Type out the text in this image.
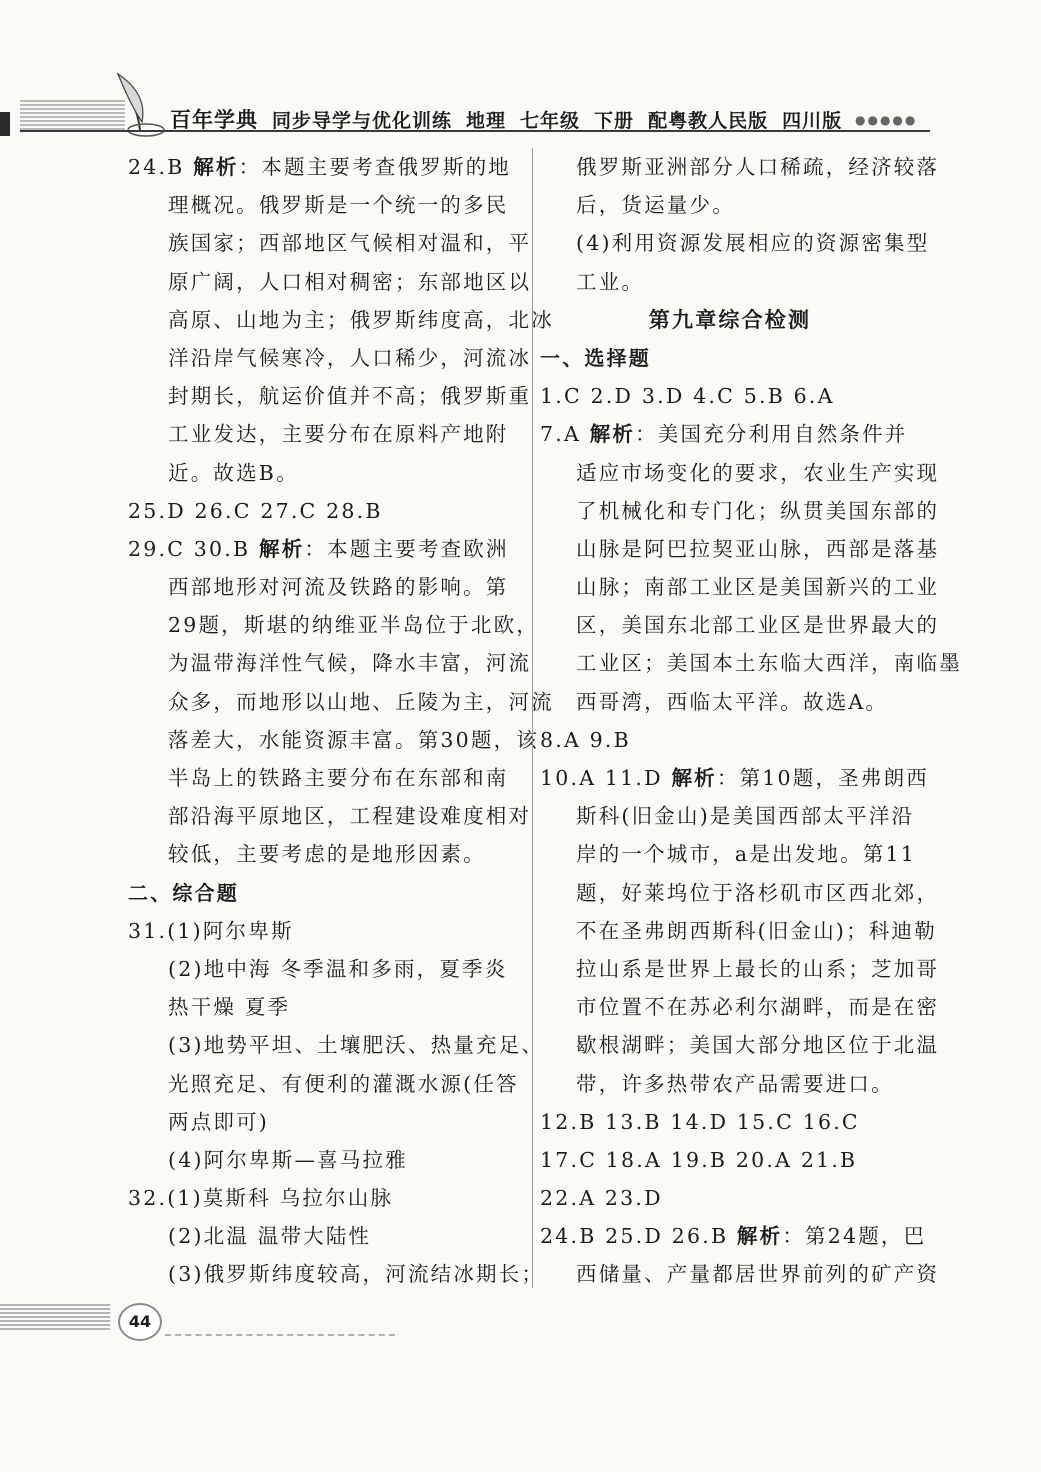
百年学典 同步导学与优化训练 地理 七年级 下册 配粤教人民版 四川版	●●●●●
24.B 解析：本题主要考查俄罗斯的地
理概况。俄罗斯是一个统一的多民
族国家；西部地区气候相对温和，平
原广阔，人口相对稠密；东部地区以
高原、山地为主；俄罗斯纬度高，北冰
洋沿岸气候寒冷，人口稀少，河流冰
封期长，航运价值并不高；俄罗斯重
工业发达，主要分布在原料产地附
近。故选B。
25.D 26.C 27.C 28.B
29.C 30.B 解析：本题主要考查欧洲
西部地形对河流及铁路的影响。第
29题，斯堪的纳维亚半岛位于北欧，
为温带海洋性气候，降水丰富，河流
众多，而地形以山地、丘陵为主，河流
落差大，水能资源丰富。第30题，该
半岛上的铁路主要分布在东部和南
部沿海平原地区，工程建设难度相对
较低，主要考虑的是地形因素。
二、综合题
31.(1)阿尔卑斯
(2)地中海 冬季温和多雨，夏季炎
热干燥 夏季
(3)地势平坦、土壤肥沃、热量充足、
光照充足、有便利的灌溉水源(任答
两点即可)
(4)阿尔卑斯—喜马拉雅
32.(1)莫斯科 乌拉尔山脉
(2)北温 温带大陆性
(3)俄罗斯纬度较高，河流结冰期长；
俄罗斯亚洲部分人口稀疏，经济较落
后，货运量少。
(4)利用资源发展相应的资源密集型
工业。
第九章综合检测
一、选择题
1.C 2.D 3.D 4.C 5.B 6.A
7.A 解析：美国充分利用自然条件并
适应市场变化的要求，农业生产实现
了机械化和专门化；纵贯美国东部的
山脉是阿巴拉契亚山脉，西部是落基
山脉；南部工业区是美国新兴的工业
区，美国东北部工业区是世界最大的
工业区；美国本土东临大西洋，南临墨
西哥湾，西临太平洋。故选A。
8.A 9.B
10.A 11.D 解析：第10题，圣弗朗西
斯科(旧金山)是美国西部太平洋沿
岸的一个城市，a是出发地。第11
题，好莱坞位于洛杉矶市区西北郊，
不在圣弗朗西斯科(旧金山)；科迪勒
拉山系是世界上最长的山系；芝加哥
市位置不在苏必利尔湖畔，而是在密
歇根湖畔；美国大部分地区位于北温
带，许多热带农产品需要进口。
12.B 13.B 14.D 15.C 16.C
17.C 18.A 19.B 20.A 21.B
22.A 23.D
24.B 25.D 26.B 解析：第24题，巴
西储量、产量都居世界前列的矿产资
44
